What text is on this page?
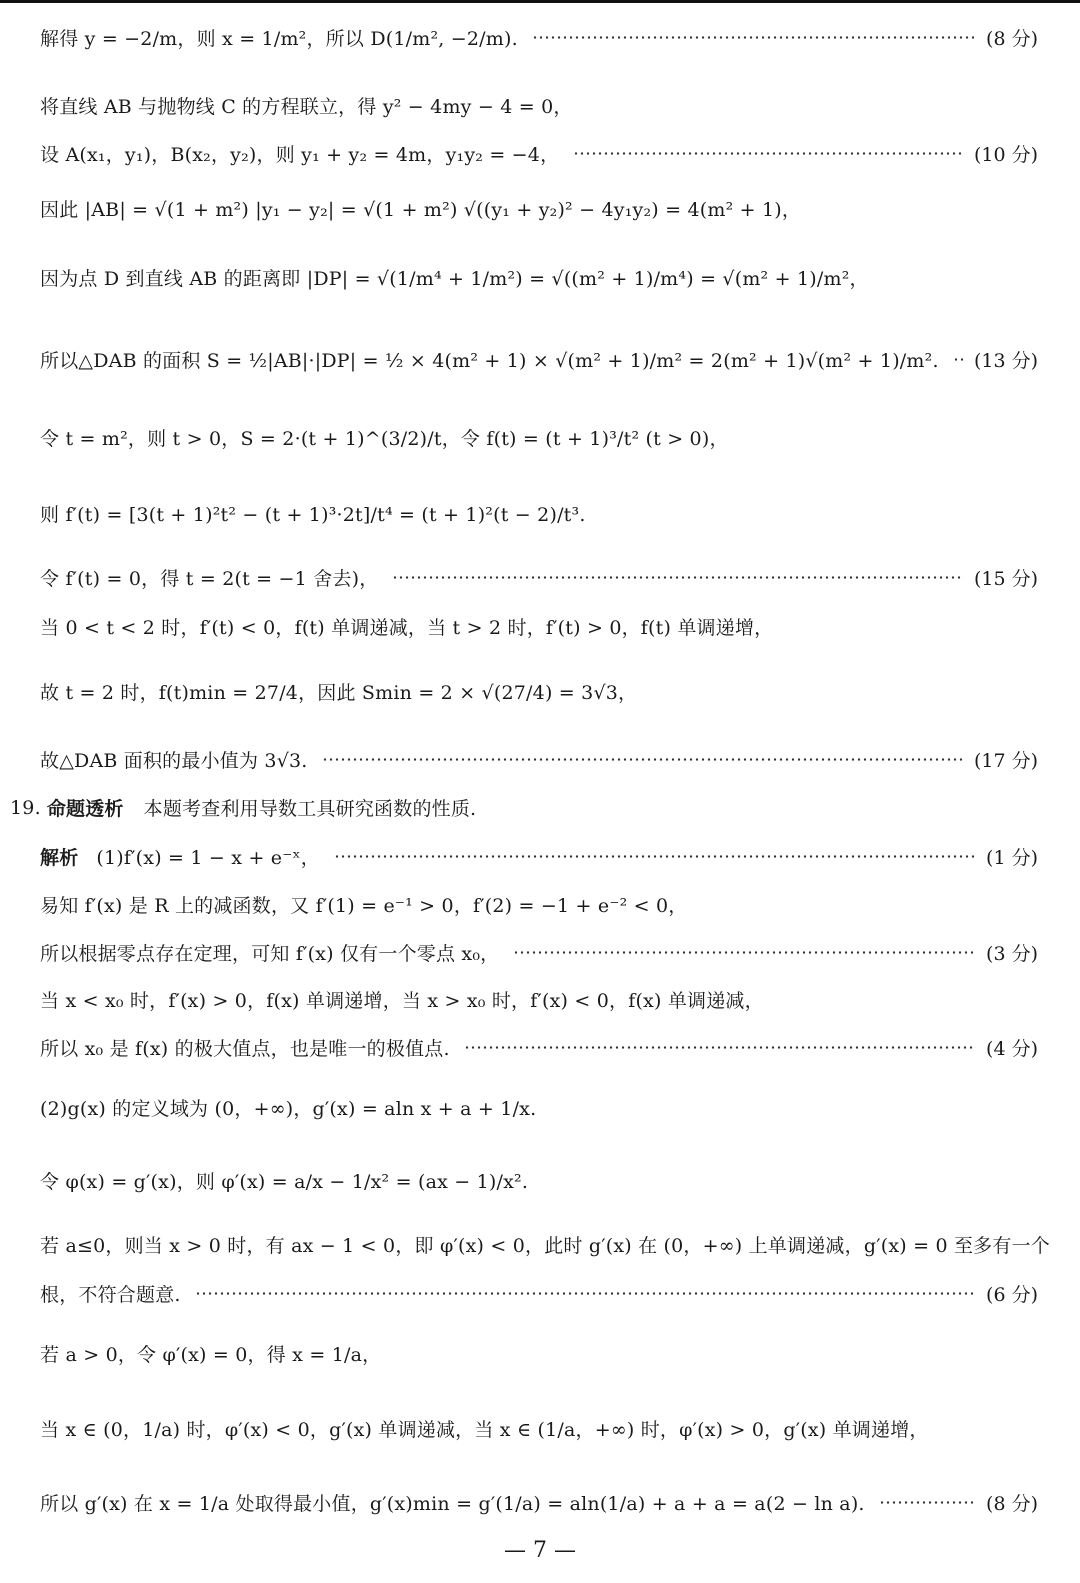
解得 y = −2/m，则 x = 1/m²，所以 D(1/m², −2/m).	(8 分)
将直线 AB 与抛物线 C 的方程联立，得 y² − 4my − 4 = 0，
设 A(x₁，y₁)，B(x₂，y₂)，则 y₁ + y₂ = 4m，y₁y₂ = −4，	(10 分)
因此 |AB| = √(1 + m²) |y₁ − y₂| = √(1 + m²) √((y₁ + y₂)² − 4y₁y₂) = 4(m² + 1)，
因为点 D 到直线 AB 的距离即 |DP| = √(1/m⁴ + 1/m²) = √((m² + 1)/m⁴) = √(m² + 1)/m²，
所以△DAB 的面积 S = ½|AB|·|DP| = ½ × 4(m² + 1) × √(m² + 1)/m² = 2(m² + 1)√(m² + 1)/m². (13 分)
令 t = m²，则 t > 0，S = 2·(t + 1)^(3/2)/t，令 f(t) = (t + 1)³/t² (t > 0)，
则 f′(t) = [3(t + 1)²t² − (t + 1)³·2t]/t⁴ = (t + 1)²(t − 2)/t³.
令 f′(t) = 0，得 t = 2(t = −1 舍去)，	(15 分)
当 0 < t < 2 时，f′(t) < 0，f(t) 单调递减，当 t > 2 时，f′(t) > 0，f(t) 单调递增，
故 t = 2 时，f(t)min = 27/4，因此 Smin = 2 × √(27/4) = 3√3，
故△DAB 面积的最小值为 3√3.	(17 分)
19. 命题透析 本题考查利用导数工具研究函数的性质.
解析 (1)f′(x) = 1 − x + e⁻ˣ，	(1 分)
易知 f′(x) 是 R 上的减函数，又 f′(1) = e⁻¹ > 0，f′(2) = −1 + e⁻² < 0，
所以根据零点存在定理，可知 f′(x) 仅有一个零点 x₀，	(3 分)
当 x < x₀ 时，f′(x) > 0，f(x) 单调递增，当 x > x₀ 时，f′(x) < 0，f(x) 单调递减，
所以 x₀ 是 f(x) 的极大值点，也是唯一的极值点.	(4 分)
(2)g(x) 的定义域为 (0，+∞)，g′(x) = aln x + a + 1/x.
令 φ(x) = g′(x)，则 φ′(x) = a/x − 1/x² = (ax − 1)/x².
若 a≤0，则当 x > 0 时，有 ax − 1 < 0，即 φ′(x) < 0，此时 g′(x) 在 (0，+∞) 上单调递减，g′(x) = 0 至多有一个
根，不符合题意.	(6 分)
若 a > 0，令 φ′(x) = 0，得 x = 1/a，
当 x ∈ (0，1/a) 时，φ′(x) < 0，g′(x) 单调递减，当 x ∈ (1/a，+∞) 时，φ′(x) > 0，g′(x) 单调递增，
所以 g′(x) 在 x = 1/a 处取得最小值，g′(x)min = g′(1/a) = aln(1/a) + a + a = a(2 − ln a).	(8 分)
— 7 —
